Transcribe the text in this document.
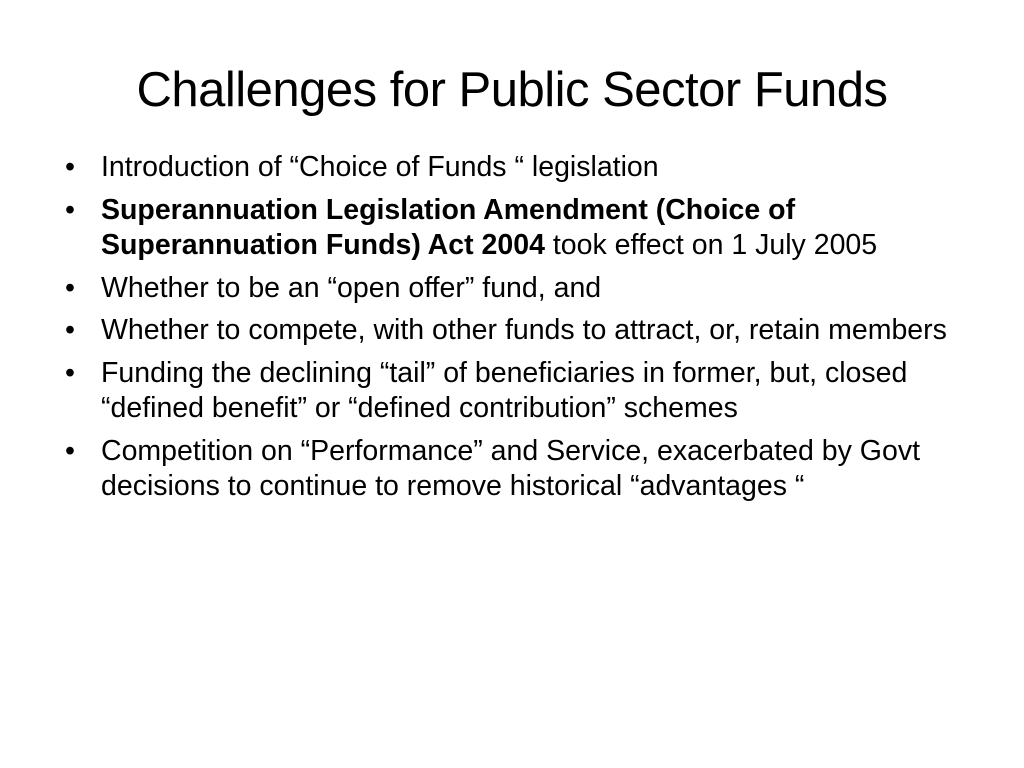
Challenges for Public Sector Funds
• Introduction of “Choice of Funds “ legislation
• Superannuation Legislation Amendment (Choice of Superannuation Funds) Act 2004 took effect on 1 July 2005
• Whether to be an “open offer” fund, and
• Whether to compete, with other funds to attract, or, retain members
• Funding the declining “tail” of beneficiaries in former, but, closed “defined benefit” or “defined contribution” schemes
• Competition on “Performance” and Service, exacerbated by Govt decisions to continue to remove historical “advantages “
